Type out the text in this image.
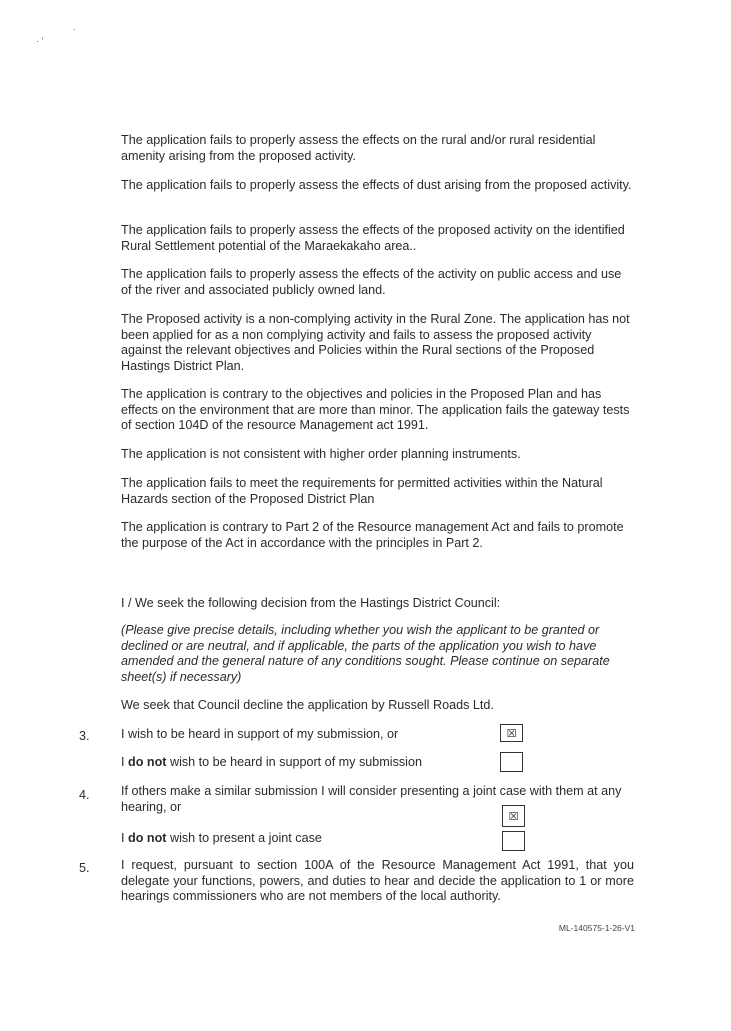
.
· ’

The application fails to properly assess the effects on the rural and/or rural residential amenity arising from the proposed activity.

The application fails to properly assess the effects of dust arising from the proposed activity.

The application fails to properly assess the effects of the proposed activity on the identified Rural Settlement potential of the Maraekakaho area..

The application fails to properly assess the effects of the activity on public access and use of the river and associated publicly owned land.

The Proposed activity is a non-complying activity in the Rural Zone. The application has not been applied for as a non complying activity and fails to assess the proposed activity against the relevant objectives and Policies within the Rural sections of the Proposed Hastings District Plan.

The application is contrary to the objectives and policies in the Proposed Plan and has effects on the environment that are more than minor. The application fails the gateway tests of section 104D of the resource Management act 1991.

The application is not consistent with higher order planning instruments.

The application fails to meet the requirements for permitted activities within the Natural Hazards section of the Proposed District Plan

The application is contrary to Part 2 of the Resource management Act and fails to promote the purpose of the Act in accordance with the principles in Part 2.

I / We seek the following decision from the Hastings District Council:

(Please give precise details, including whether you wish the applicant to be granted or declined or are neutral, and if applicable, the parts of the application you wish to have amended and the general nature of any conditions sought. Please continue on separate sheet(s) if necessary)

We seek that Council decline the application by Russell Roads Ltd.

3. I wish to be heard in support of my submission, or	☒
I do not wish to be heard in support of my submission
4. If others make a similar submission I will consider presenting a joint case with them at any hearing, or
☒
I do not wish to present a joint case
5. I request, pursuant to section 100A of the Resource Management Act 1991, that you delegate your functions, powers, and duties to hear and decide the application to 1 or more hearings commissioners who are not members of the local authority.

ML-140575-1-26-V1
